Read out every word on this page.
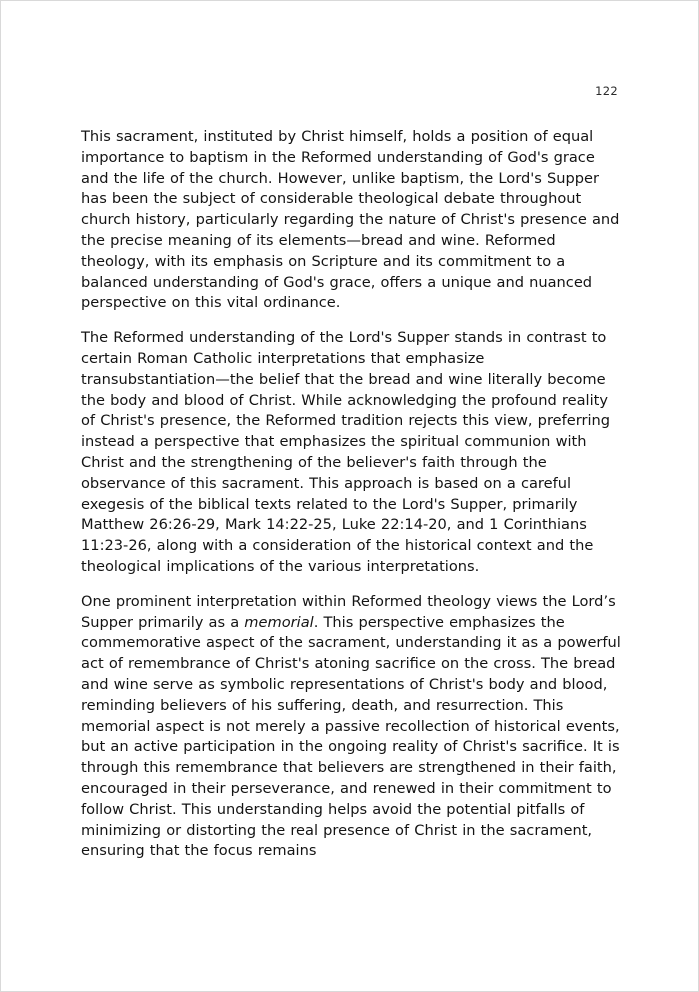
122

This sacrament, instituted by Christ himself, holds a position of equal importance to baptism in the Reformed understanding of God's grace and the life of the church. However, unlike baptism, the Lord's Supper has been the subject of considerable theological debate throughout church history, particularly regarding the nature of Christ's presence and the precise meaning of its elements—bread and wine. Reformed theology, with its emphasis on Scripture and its commitment to a balanced understanding of God's grace, offers a unique and nuanced perspective on this vital ordinance.

The Reformed understanding of the Lord's Supper stands in contrast to certain Roman Catholic interpretations that emphasize transubstantiation—the belief that the bread and wine literally become the body and blood of Christ. While acknowledging the profound reality of Christ's presence, the Reformed tradition rejects this view, preferring instead a perspective that emphasizes the spiritual communion with Christ and the strengthening of the believer's faith through the observance of this sacrament. This approach is based on a careful exegesis of the biblical texts related to the Lord's Supper, primarily Matthew 26:26-29, Mark 14:22-25, Luke 22:14-20, and 1 Corinthians 11:23-26, along with a consideration of the historical context and the theological implications of the various interpretations.

One prominent interpretation within Reformed theology views the Lord’s Supper primarily as a memorial. This perspective emphasizes the commemorative aspect of the sacrament, understanding it as a powerful act of remembrance of Christ's atoning sacrifice on the cross. The bread and wine serve as symbolic representations of Christ's body and blood, reminding believers of his suffering, death, and resurrection. This memorial aspect is not merely a passive recollection of historical events, but an active participation in the ongoing reality of Christ's sacrifice. It is through this remembrance that believers are strengthened in their faith, encouraged in their perseverance, and renewed in their commitment to follow Christ. This understanding helps avoid the potential pitfalls of minimizing or distorting the real presence of Christ in the sacrament, ensuring that the focus remains
